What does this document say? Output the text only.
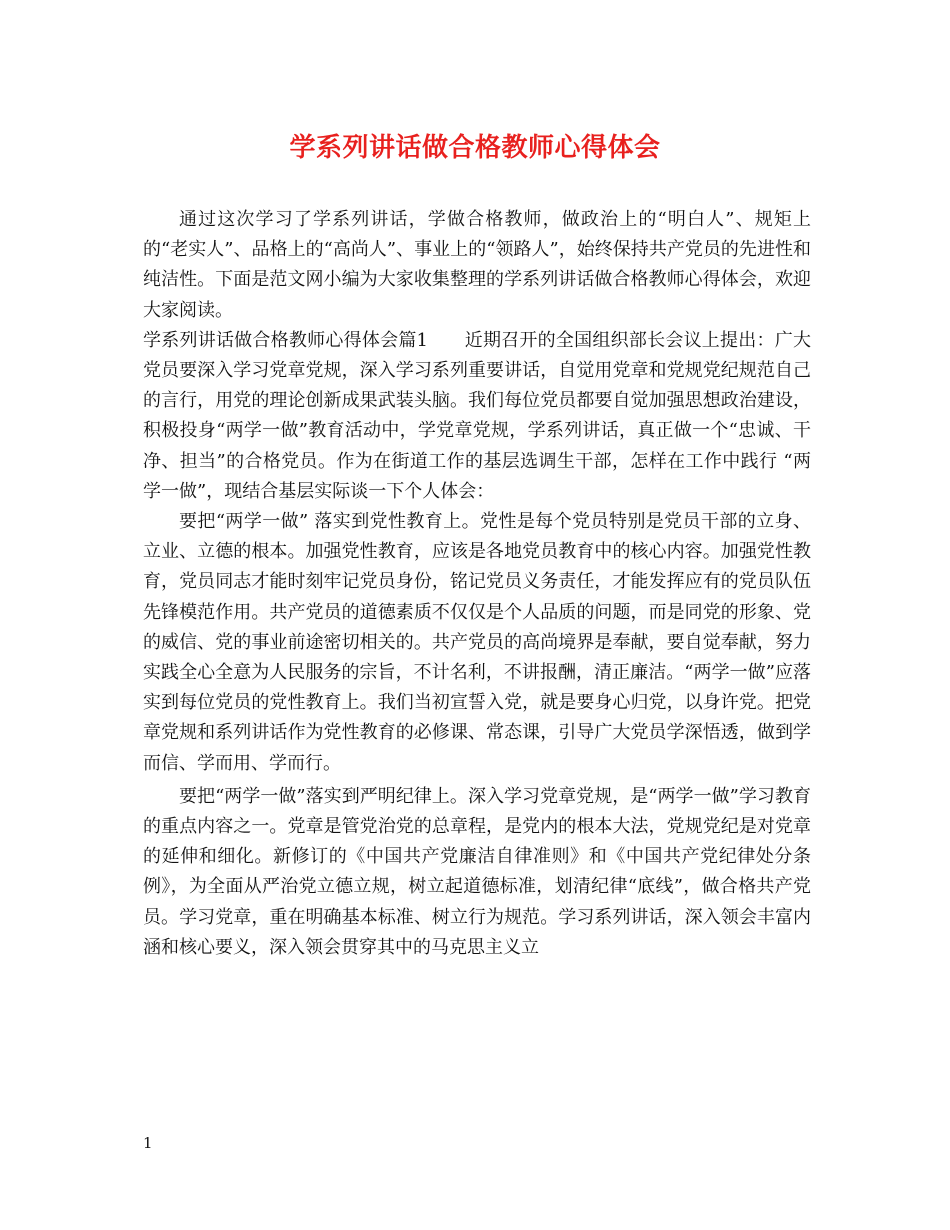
学系列讲话做合格教师心得体会

通过这次学习了学系列讲话，学做合格教师，做政治上的“明白人”、规矩上的“老实人”、品格上的“高尚人”、事业上的“领路人”，始终保持共产党员的先进性和纯洁性。下面是范文网小编为大家收集整理的学系列讲话做合格教师心得体会，欢迎大家阅读。

学系列讲话做合格教师心得体会篇1　　近期召开的全国组织部长会议上提出：广大党员要深入学习党章党规，深入学习系列重要讲话，自觉用党章和党规党纪规范自己的言行，用党的理论创新成果武装头脑。我们每位党员都要自觉加强思想政治建设，积极投身“两学一做”教育活动中，学党章党规，学系列讲话，真正做一个“忠诚、干净、担当”的合格党员。作为在街道工作的基层选调生干部，怎样在工作中践行 “两学一做”，现结合基层实际谈一下个人体会：

要把“两学一做” 落实到党性教育上。党性是每个党员特别是党员干部的立身、立业、立德的根本。加强党性教育，应该是各地党员教育中的核心内容。加强党性教育，党员同志才能时刻牢记党员身份，铭记党员义务责任，才能发挥应有的党员队伍先锋模范作用。共产党员的道德素质不仅仅是个人品质的问题，而是同党的形象、党的威信、党的事业前途密切相关的。共产党员的高尚境界是奉献，要自觉奉献，努力实践全心全意为人民服务的宗旨，不计名利，不讲报酬，清正廉洁。“两学一做”应落实到每位党员的党性教育上。我们当初宣誓入党，就是要身心归党，以身许党。把党章党规和系列讲话作为党性教育的必修课、常态课，引导广大党员学深悟透，做到学而信、学而用、学而行。

要把“两学一做”落实到严明纪律上。深入学习党章党规，是“两学一做”学习教育的重点内容之一。党章是管党治党的总章程，是党内的根本大法，党规党纪是对党章的延伸和细化。新修订的《中国共产党廉洁自律准则》和《中国共产党纪律处分条例》，为全面从严治党立德立规，树立起道德标准，划清纪律“底线”，做合格共产党员。学习党章，重在明确基本标准、树立行为规范。学习系列讲话，深入领会丰富内涵和核心要义，深入领会贯穿其中的马克思主义立

1
